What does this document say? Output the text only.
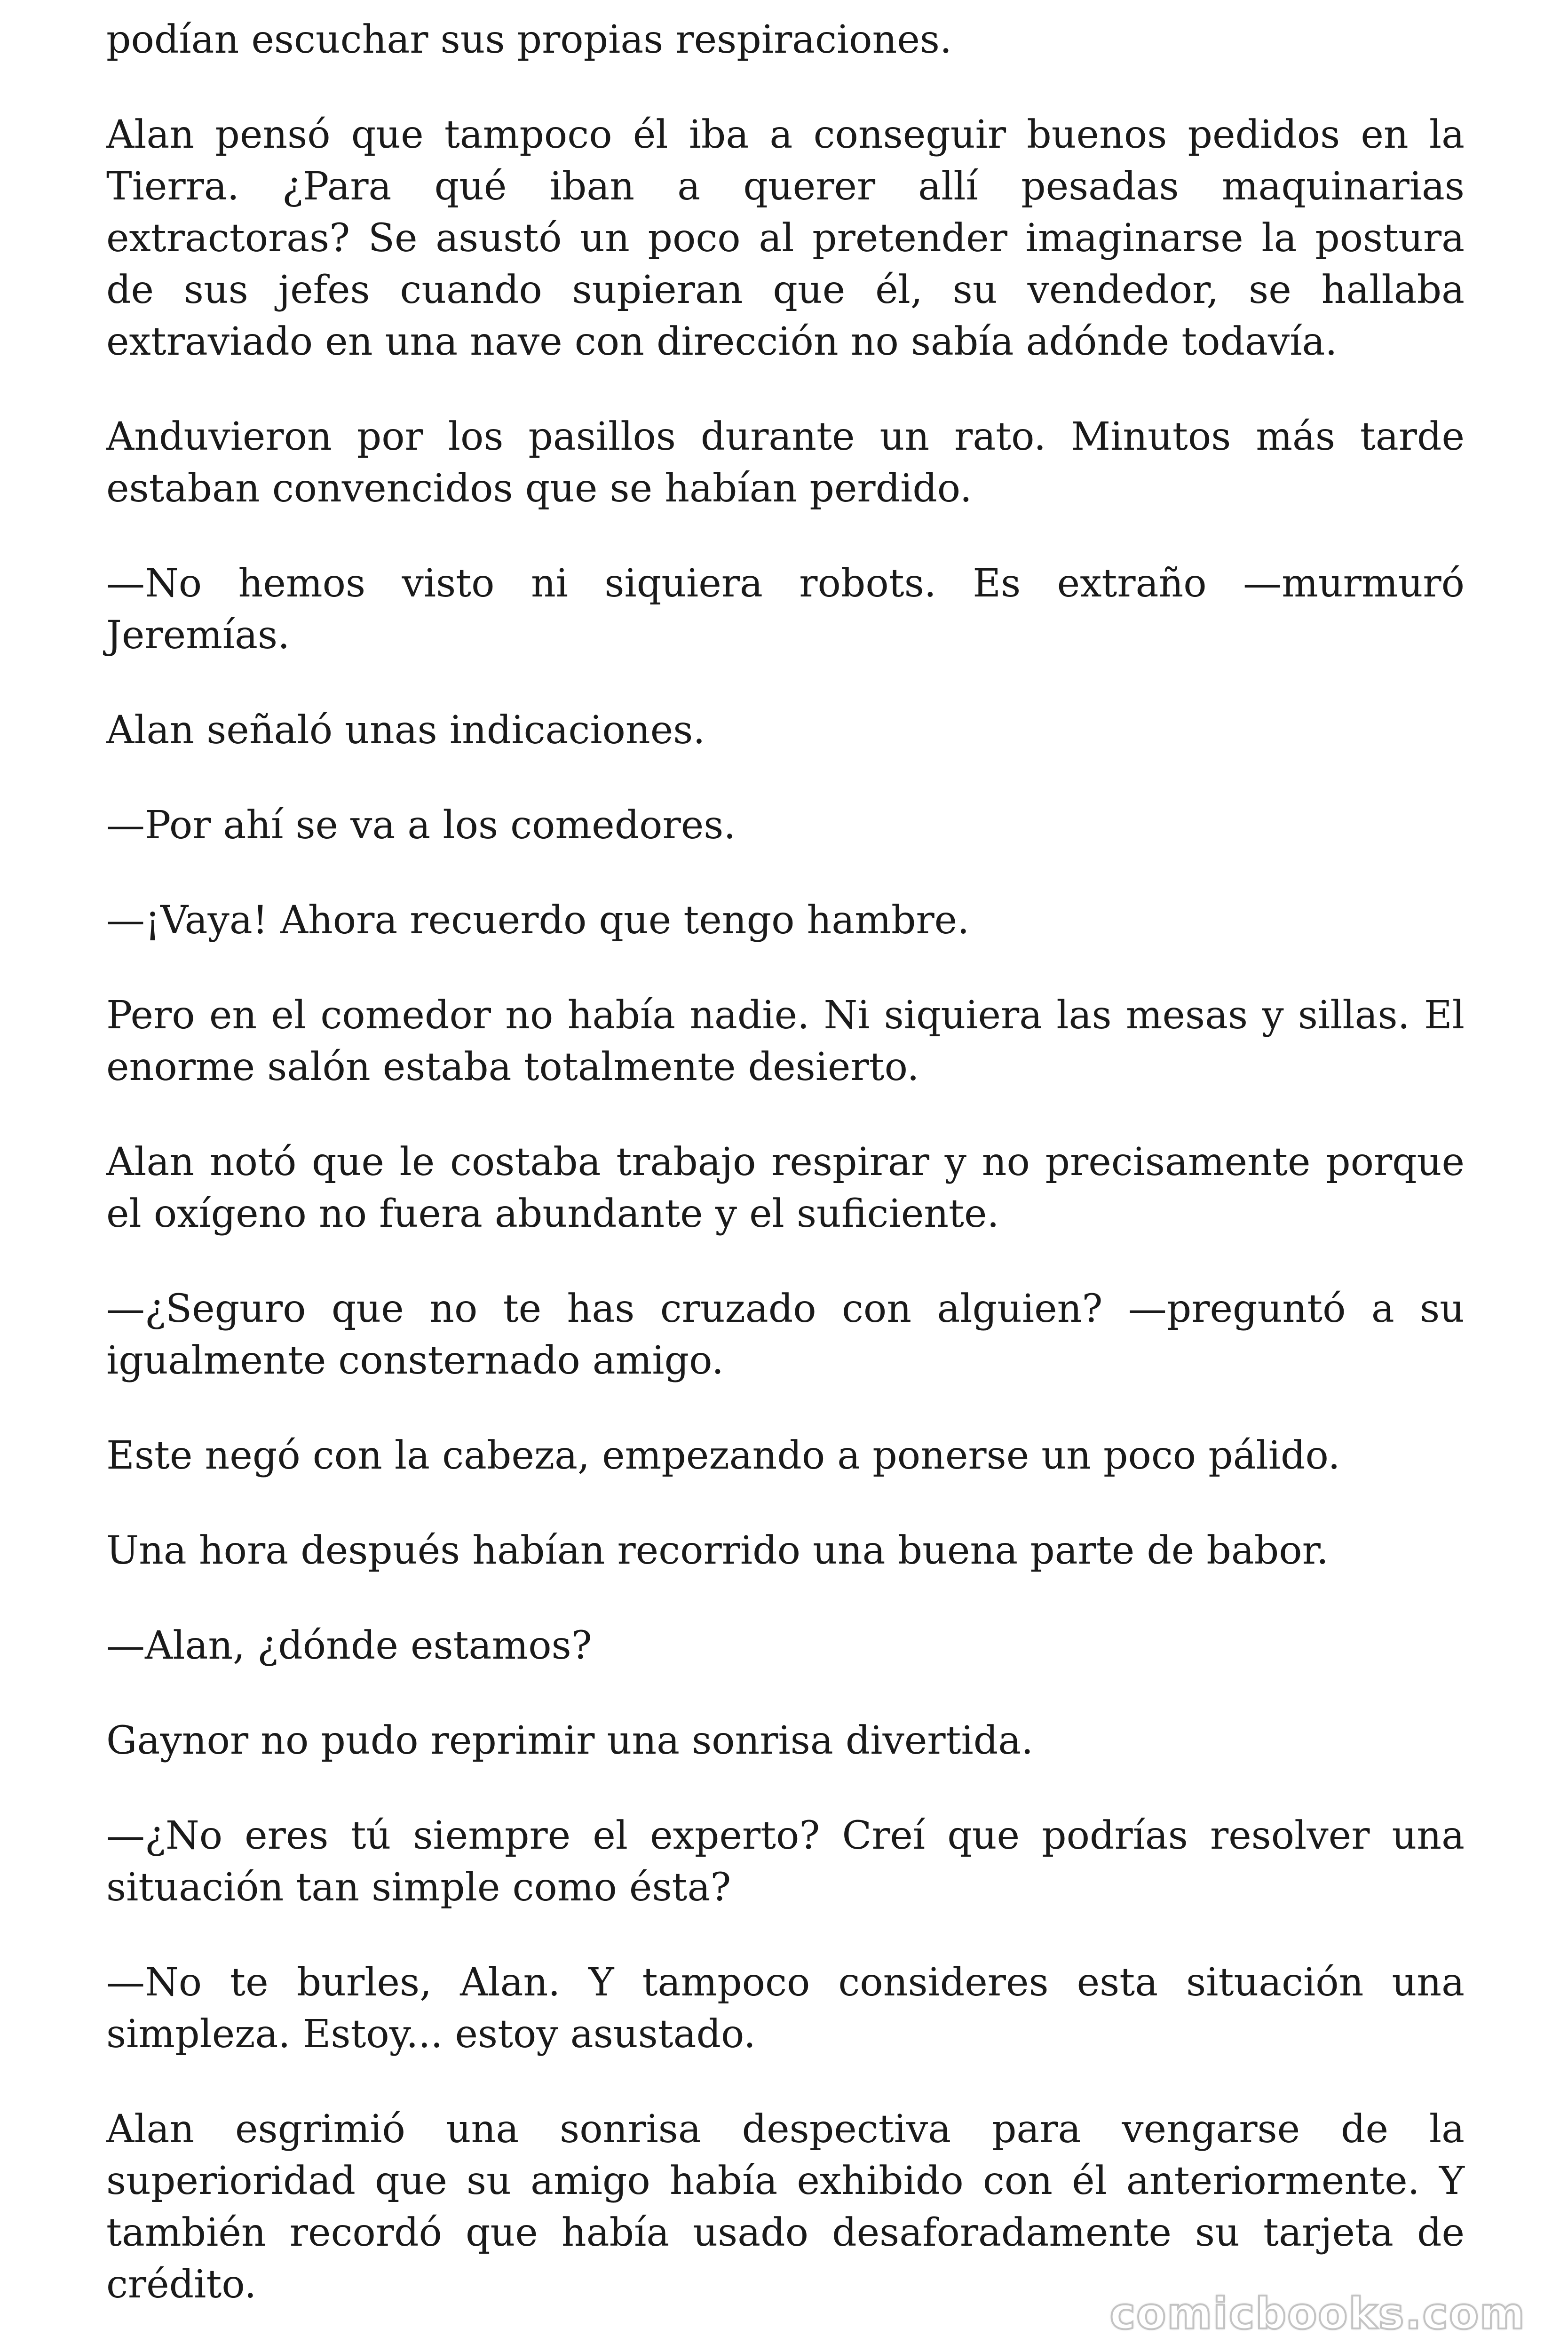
podían escuchar sus propias respiraciones.

Alan pensó que tampoco él iba a conseguir buenos pedidos en la Tierra. ¿Para qué iban a querer allí pesadas maquinarias extractoras? Se asustó un poco al pretender imaginarse la postura de sus jefes cuando supieran que él, su vendedor, se hallaba extraviado en una nave con dirección no sabía adónde todavía.

Anduvieron por los pasillos durante un rato. Minutos más tarde estaban convencidos que se habían perdido.

—No hemos visto ni siquiera robots. Es extraño —murmuró Jeremías.

Alan señaló unas indicaciones.

—Por ahí se va a los comedores.

—¡Vaya! Ahora recuerdo que tengo hambre.

Pero en el comedor no había nadie. Ni siquiera las mesas y sillas. El enorme salón estaba totalmente desierto.

Alan notó que le costaba trabajo respirar y no precisamente porque el oxígeno no fuera abundante y el suficiente.

—¿Seguro que no te has cruzado con alguien? —preguntó a su igualmente consternado amigo.

Este negó con la cabeza, empezando a ponerse un poco pálido.

Una hora después habían recorrido una buena parte de babor.

—Alan, ¿dónde estamos?

Gaynor no pudo reprimir una sonrisa divertida.

—¿No eres tú siempre el experto? Creí que podrías resolver una situación tan simple como ésta?

—No te burles, Alan. Y tampoco consideres esta situación una simpleza. Estoy... estoy asustado.

Alan esgrimió una sonrisa despectiva para vengarse de la superioridad que su amigo había exhibido con él anteriormente. Y también recordó que había usado desaforadamente su tarjeta de crédito.

comicbooks.com
